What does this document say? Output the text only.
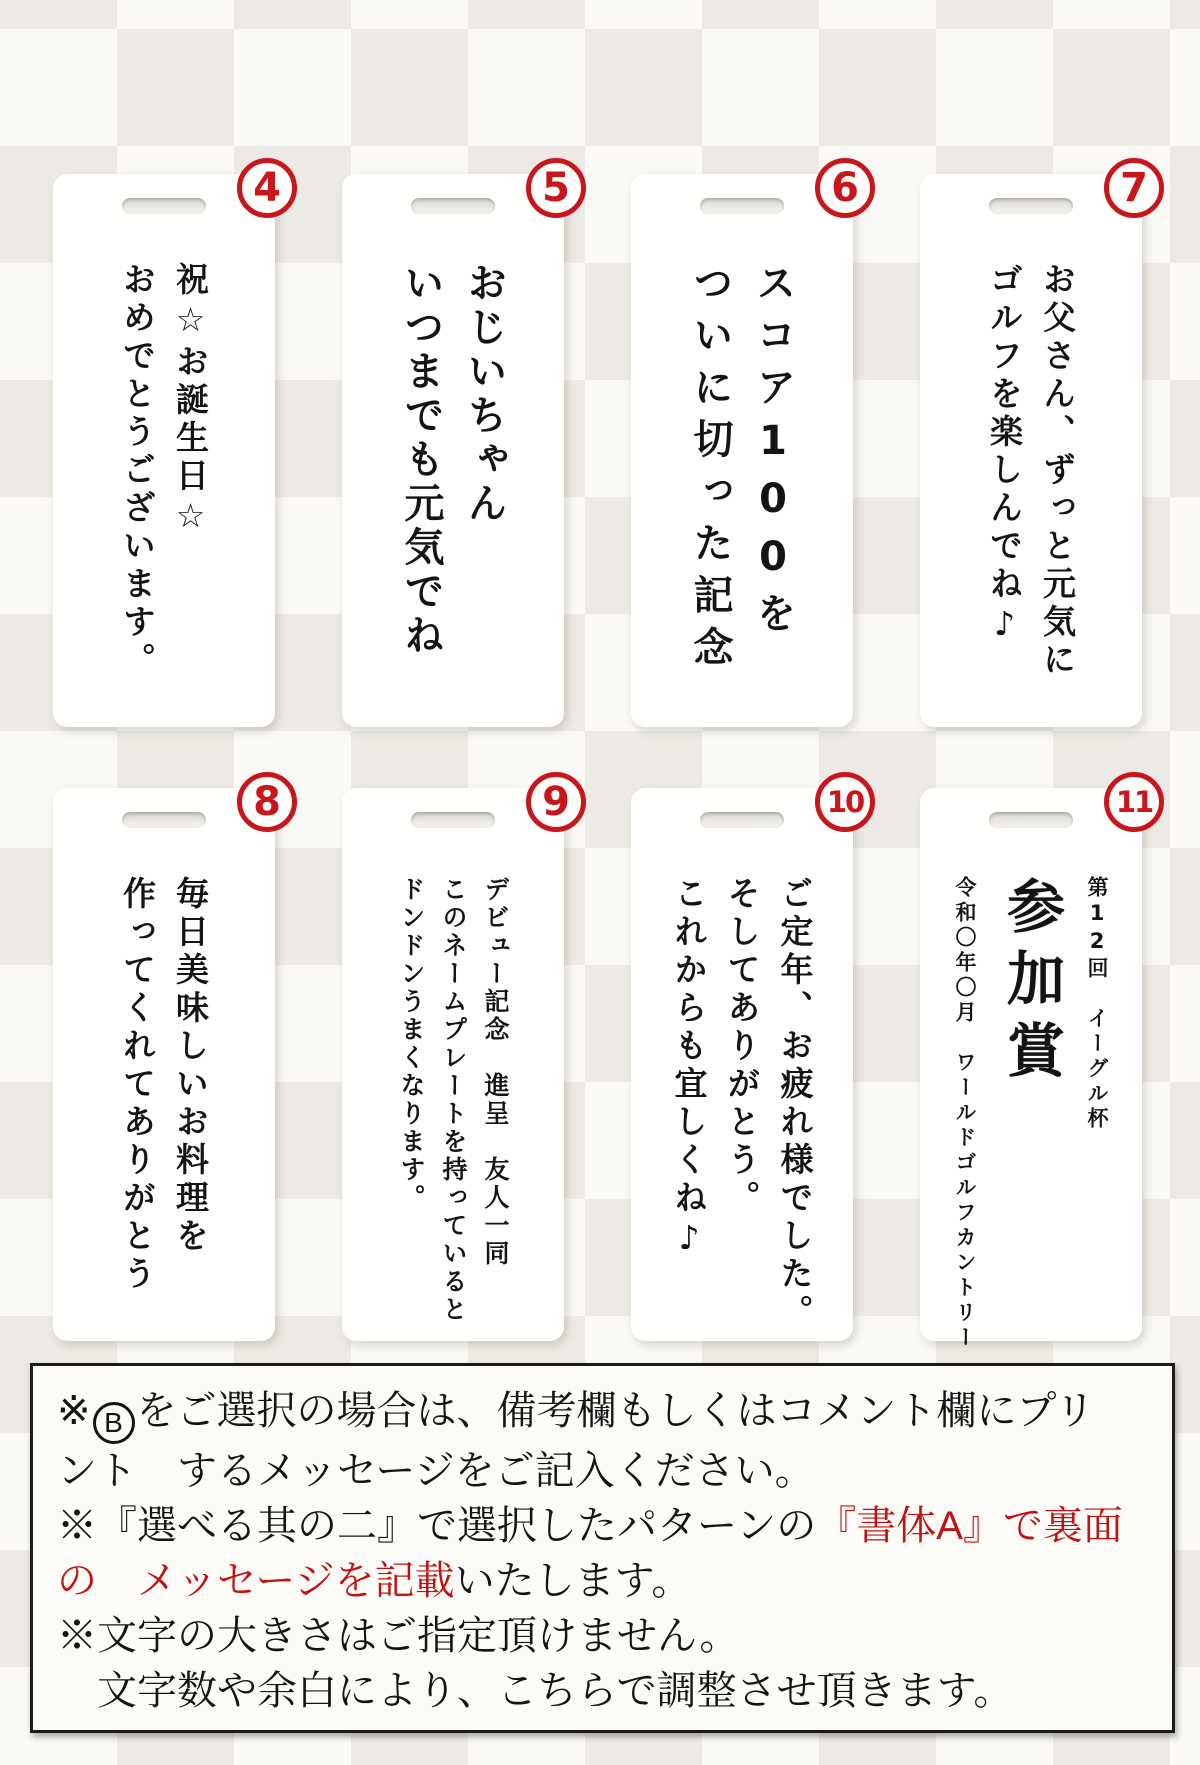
4
祝☆お誕生日☆
おめでとうございます。
5
おじいちゃん
いつまでも元気でね
6
スコア100を
ついに切った記念
7
お父さん、ずっと元気に
ゴルフを楽しんでね♪
8
毎日美味しいお料理を
作ってくれてありがとう
9
デビュー記念　進呈　友人一同
このネームプレートを持っていると
ドンドンうまくなります。
10
ご定年、お疲れ様でした。
そしてありがとう。
これからも宜しくね♪
11
第12回　イーグル杯
参加賞
令和〇年〇月　ワールドゴルフカントリー

※ B をご選択の場合は、備考欄もしくはコメント欄にプリ

ント　するメッセージをご記入ください。

※『選べる其の二』で選択したパターンの『書体A』で裏面

の　メッセージを記載いたします。

※文字の大きさはご指定頂けません。

　文字数や余白により、こちらで調整させ頂きます。
